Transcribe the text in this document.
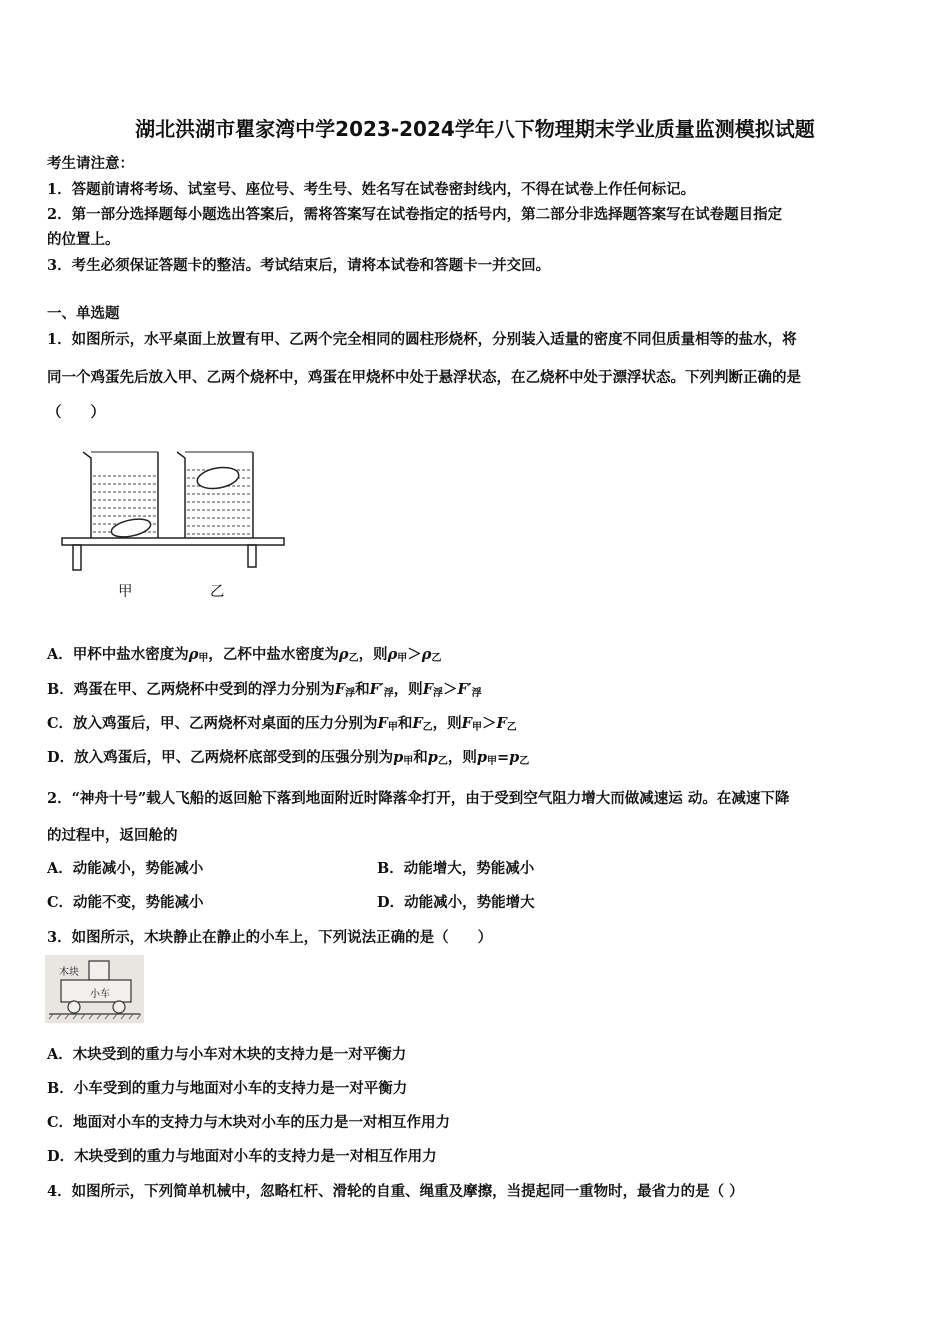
湖北洪湖市瞿家湾中学2023-2024学年八下物理期末学业质量监测模拟试题
考生请注意：
1．答题前请将考场、试室号、座位号、考生号、姓名写在试卷密封线内，不得在试卷上作任何标记。
2．第一部分选择题每小题选出答案后，需将答案写在试卷指定的括号内，第二部分非选择题答案写在试卷题目指定
的位置上。
3．考生必须保证答题卡的整洁。考试结束后，请将本试卷和答题卡一并交回。
一、单选题
1．如图所示，水平桌面上放置有甲、乙两个完全相同的圆柱形烧杯，分别装入适量的密度不同但质量相等的盐水，将
同一个鸡蛋先后放入甲、乙两个烧杯中，鸡蛋在甲烧杯中处于悬浮状态，在乙烧杯中处于漂浮状态。下列判断正确的是
（　　）
甲	乙
A．甲杯中盐水密度为$\rho_甲$，乙杯中盐水密度为$\rho_乙$，则$\rho_甲>\rho_乙$
B．鸡蛋在甲、乙两烧杯中受到的浮力分别为$F_浮$和$F'_浮$，则$F_浮>F'_浮$
C．放入鸡蛋后，甲、乙两烧杯对桌面的压力分别为$F_甲$和$F_乙$，则$F_甲>F_乙$
D．放入鸡蛋后，甲、乙两烧杯底部受到的压强分别为$p_甲$和$p_乙$，则$p_甲=p_乙$
2．“神舟十号”载人飞船的返回舱下落到地面附近时降落伞打开，由于受到空气阻力增大而做减速运 动。在减速下降
的过程中，返回舱的
A．动能减小，势能减小	B．动能增大，势能减小
C．动能不变，势能减小	D．动能减小，势能增大
3．如图所示，木块静止在静止的小车上，下列说法正确的是（　　）
木块
小车
A．木块受到的重力与小车对木块的支持力是一对平衡力
B．小车受到的重力与地面对小车的支持力是一对平衡力
C．地面对小车的支持力与木块对小车的压力是一对相互作用力
D．木块受到的重力与地面对小车的支持力是一对相互作用力
4．如图所示，下列简单机械中，忽略杠杆、滑轮的自重、绳重及摩擦，当提起同一重物时，最省力的是（ ）
